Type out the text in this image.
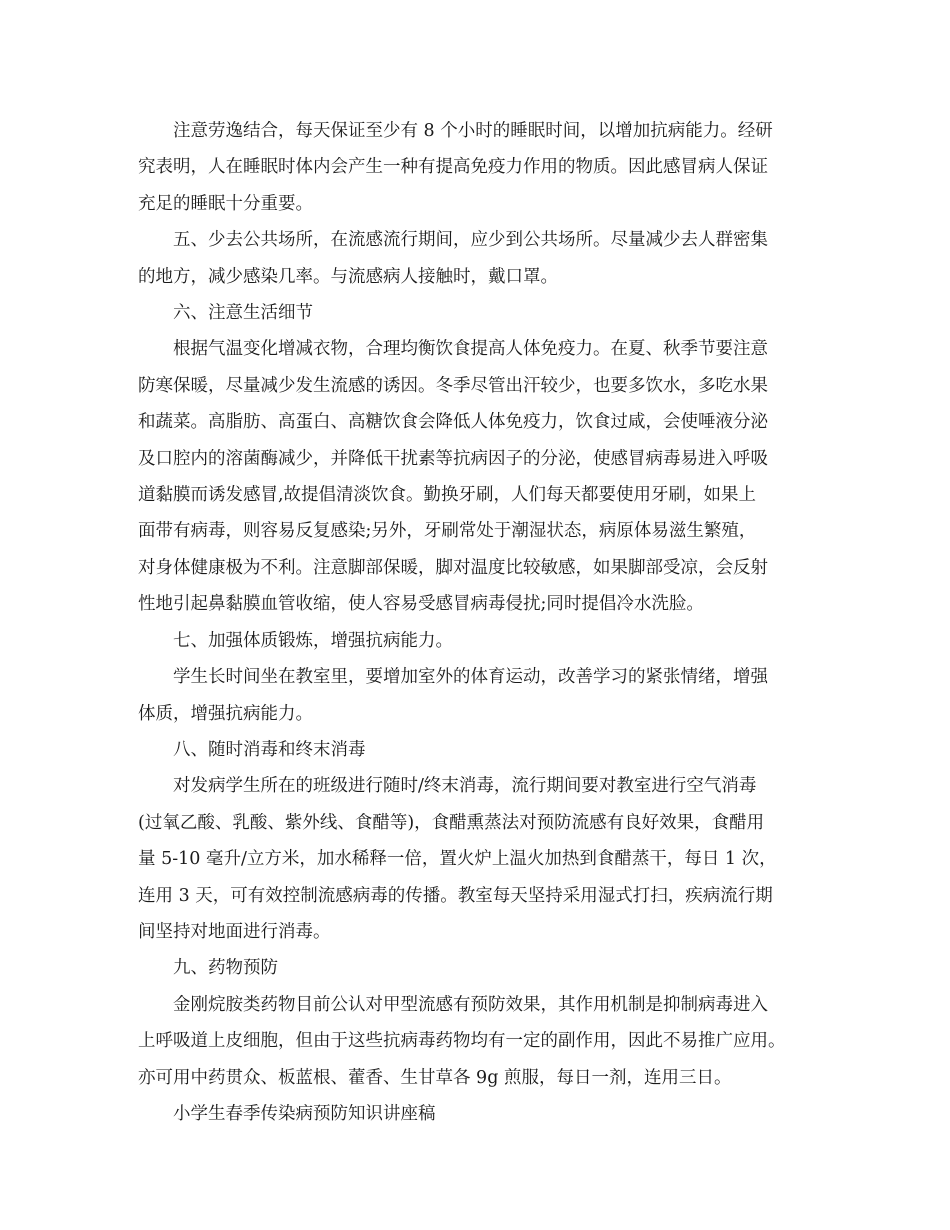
注意劳逸结合，每天保证至少有 8 个小时的睡眠时间，以增加抗病能力。经研
究表明，人在睡眠时体内会产生一种有提高免疫力作用的物质。因此感冒病人保证
充足的睡眠十分重要。

五、少去公共场所，在流感流行期间，应少到公共场所。尽量减少去人群密集
的地方，减少感染几率。与流感病人接触时，戴口罩。

六、注意生活细节

根据气温变化增减衣物，合理均衡饮食提高人体免疫力。在夏、秋季节要注意
防寒保暖，尽量减少发生流感的诱因。冬季尽管出汗较少，也要多饮水，多吃水果
和蔬菜。高脂肪、高蛋白、高糖饮食会降低人体免疫力，饮食过咸，会使唾液分泌
及口腔内的溶菌酶减少，并降低干扰素等抗病因子的分泌，使感冒病毒易进入呼吸
道黏膜而诱发感冒,故提倡清淡饮食。勤换牙刷，人们每天都要使用牙刷，如果上
面带有病毒，则容易反复感染;另外，牙刷常处于潮湿状态，病原体易滋生繁殖，
对身体健康极为不利。注意脚部保暖，脚对温度比较敏感，如果脚部受凉，会反射
性地引起鼻黏膜血管收缩，使人容易受感冒病毒侵扰;同时提倡冷水洗脸。

七、加强体质锻炼，增强抗病能力。

学生长时间坐在教室里，要增加室外的体育运动，改善学习的紧张情绪，增强
体质，增强抗病能力。

八、随时消毒和终末消毒

对发病学生所在的班级进行随时/终末消毒，流行期间要对教室进行空气消毒
(过氧乙酸、乳酸、紫外线、食醋等)，食醋熏蒸法对预防流感有良好效果，食醋用
量 5-10 毫升/立方米，加水稀释一倍，置火炉上温火加热到食醋蒸干，每日 1 次，
连用 3 天，可有效控制流感病毒的传播。教室每天坚持采用湿式打扫，疾病流行期
间坚持对地面进行消毒。

九、药物预防

金刚烷胺类药物目前公认对甲型流感有预防效果，其作用机制是抑制病毒进入
上呼吸道上皮细胞，但由于这些抗病毒药物均有一定的副作用，因此不易推广应用。
亦可用中药贯众、板蓝根、藿香、生甘草各 9g 煎服，每日一剂，连用三日。

小学生春季传染病预防知识讲座稿
